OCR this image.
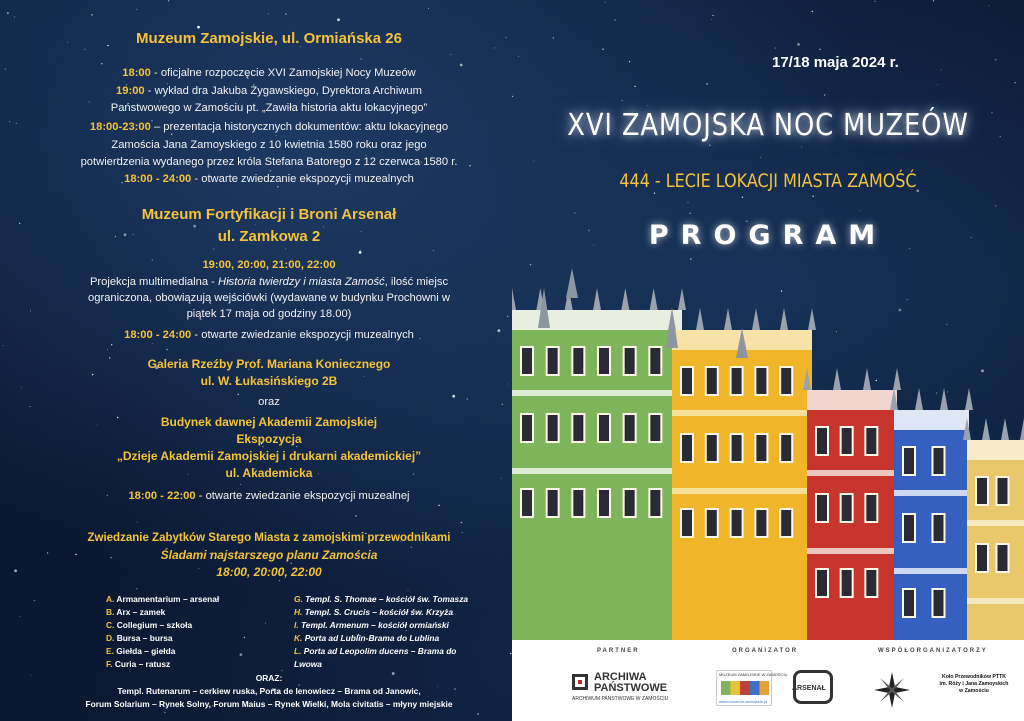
Muzeum Zamojskie, ul. Ormiańska 26
18:00 - oficjalne rozpoczęcie XVI Zamojskiej Nocy Muzeów
19:00 - wykład dra Jakuba Żygawskiego, Dyrektora Archiwum
Państwowego w Zamościu pt. „Zawiła historia aktu lokacyjnego”
18:00-23:00 – prezentacja historycznych dokumentów: aktu lokacyjnego
Zamościa Jana Zamoyskiego z 10 kwietnia 1580 roku oraz jego
potwierdzenia wydanego przez króla Stefana Batorego z 12 czerwca 1580 r.
18:00 - 24:00 - otwarte zwiedzanie ekspozycji muzealnych
Muzeum Fortyfikacji i Broni Arsenał
ul. Zamkowa 2
19:00, 20:00, 21:00, 22:00
Projekcja multimedialna - Historia twierdzy i miasta Zamość, ilość miejsc
ograniczona, obowiązują wejściówki (wydawane w budynku Prochowni w
piątek 17 maja od godziny 18.00)
18:00 - 24:00 - otwarte zwiedzanie ekspozycji muzealnych
Galeria Rzeźby Prof. Mariana Koniecznego
ul. W. Łukasińskiego 2B
oraz
Budynek dawnej Akademii Zamojskiej
Ekspozycja
„Dzieje Akademii Zamojskiej i drukarni akademickiej”
ul. Akademicka
18:00 - 22:00 - otwarte zwiedzanie ekspozycji muzealnej
Zwiedzanie Zabytków Starego Miasta z zamojskimi przewodnikami
Śladami najstarszego planu Zamościa
18:00, 20:00, 22:00
A. Armamentarium – arsenał
B. Arx – zamek
C. Collegium – szkoła
D. Bursa – bursa
E. Giełda – giełda
F. Curia – ratusz
G. Templ. S. Thomae – kościół św. Tomasza
H. Templ. S. Crucis – kościół św. Krzyża
I. Templ. Armenum – kościół ormiański
K. Porta ad Lublin-Brama do Lublina
L. Porta ad Leopolim ducens – Brama do
Lwowa
ORAZ:
Templ. Rutenarum – cerkiew ruska, Porta de Ienowiecz – Brama od Janowic,
Forum Solarium – Rynek Solny, Forum Maius – Rynek Wielki, Mola civitatis – młyny miejskie
17/18 maja 2024 r.
XVI ZAMOJSKA NOC MUZEÓW
444 - LECIE LOKACJI MIASTA ZAMOŚĆ
PROGRAM
PARTNER	ORGANIZATOR	WSPÓŁORGANIZATORZY
ARCHIWA
PAŃSTWOWE
ARCHIWUM PAŃSTWOWE W ZAMOŚCIU
MUZEUM ZAMOJSKIE W ZAMOŚCIU
www.muzeum-zamojskie.pl
ARSENAŁ
Koło Przewodników PTTK
im. Róży i Jana Zamoyskich
w Zamościu
